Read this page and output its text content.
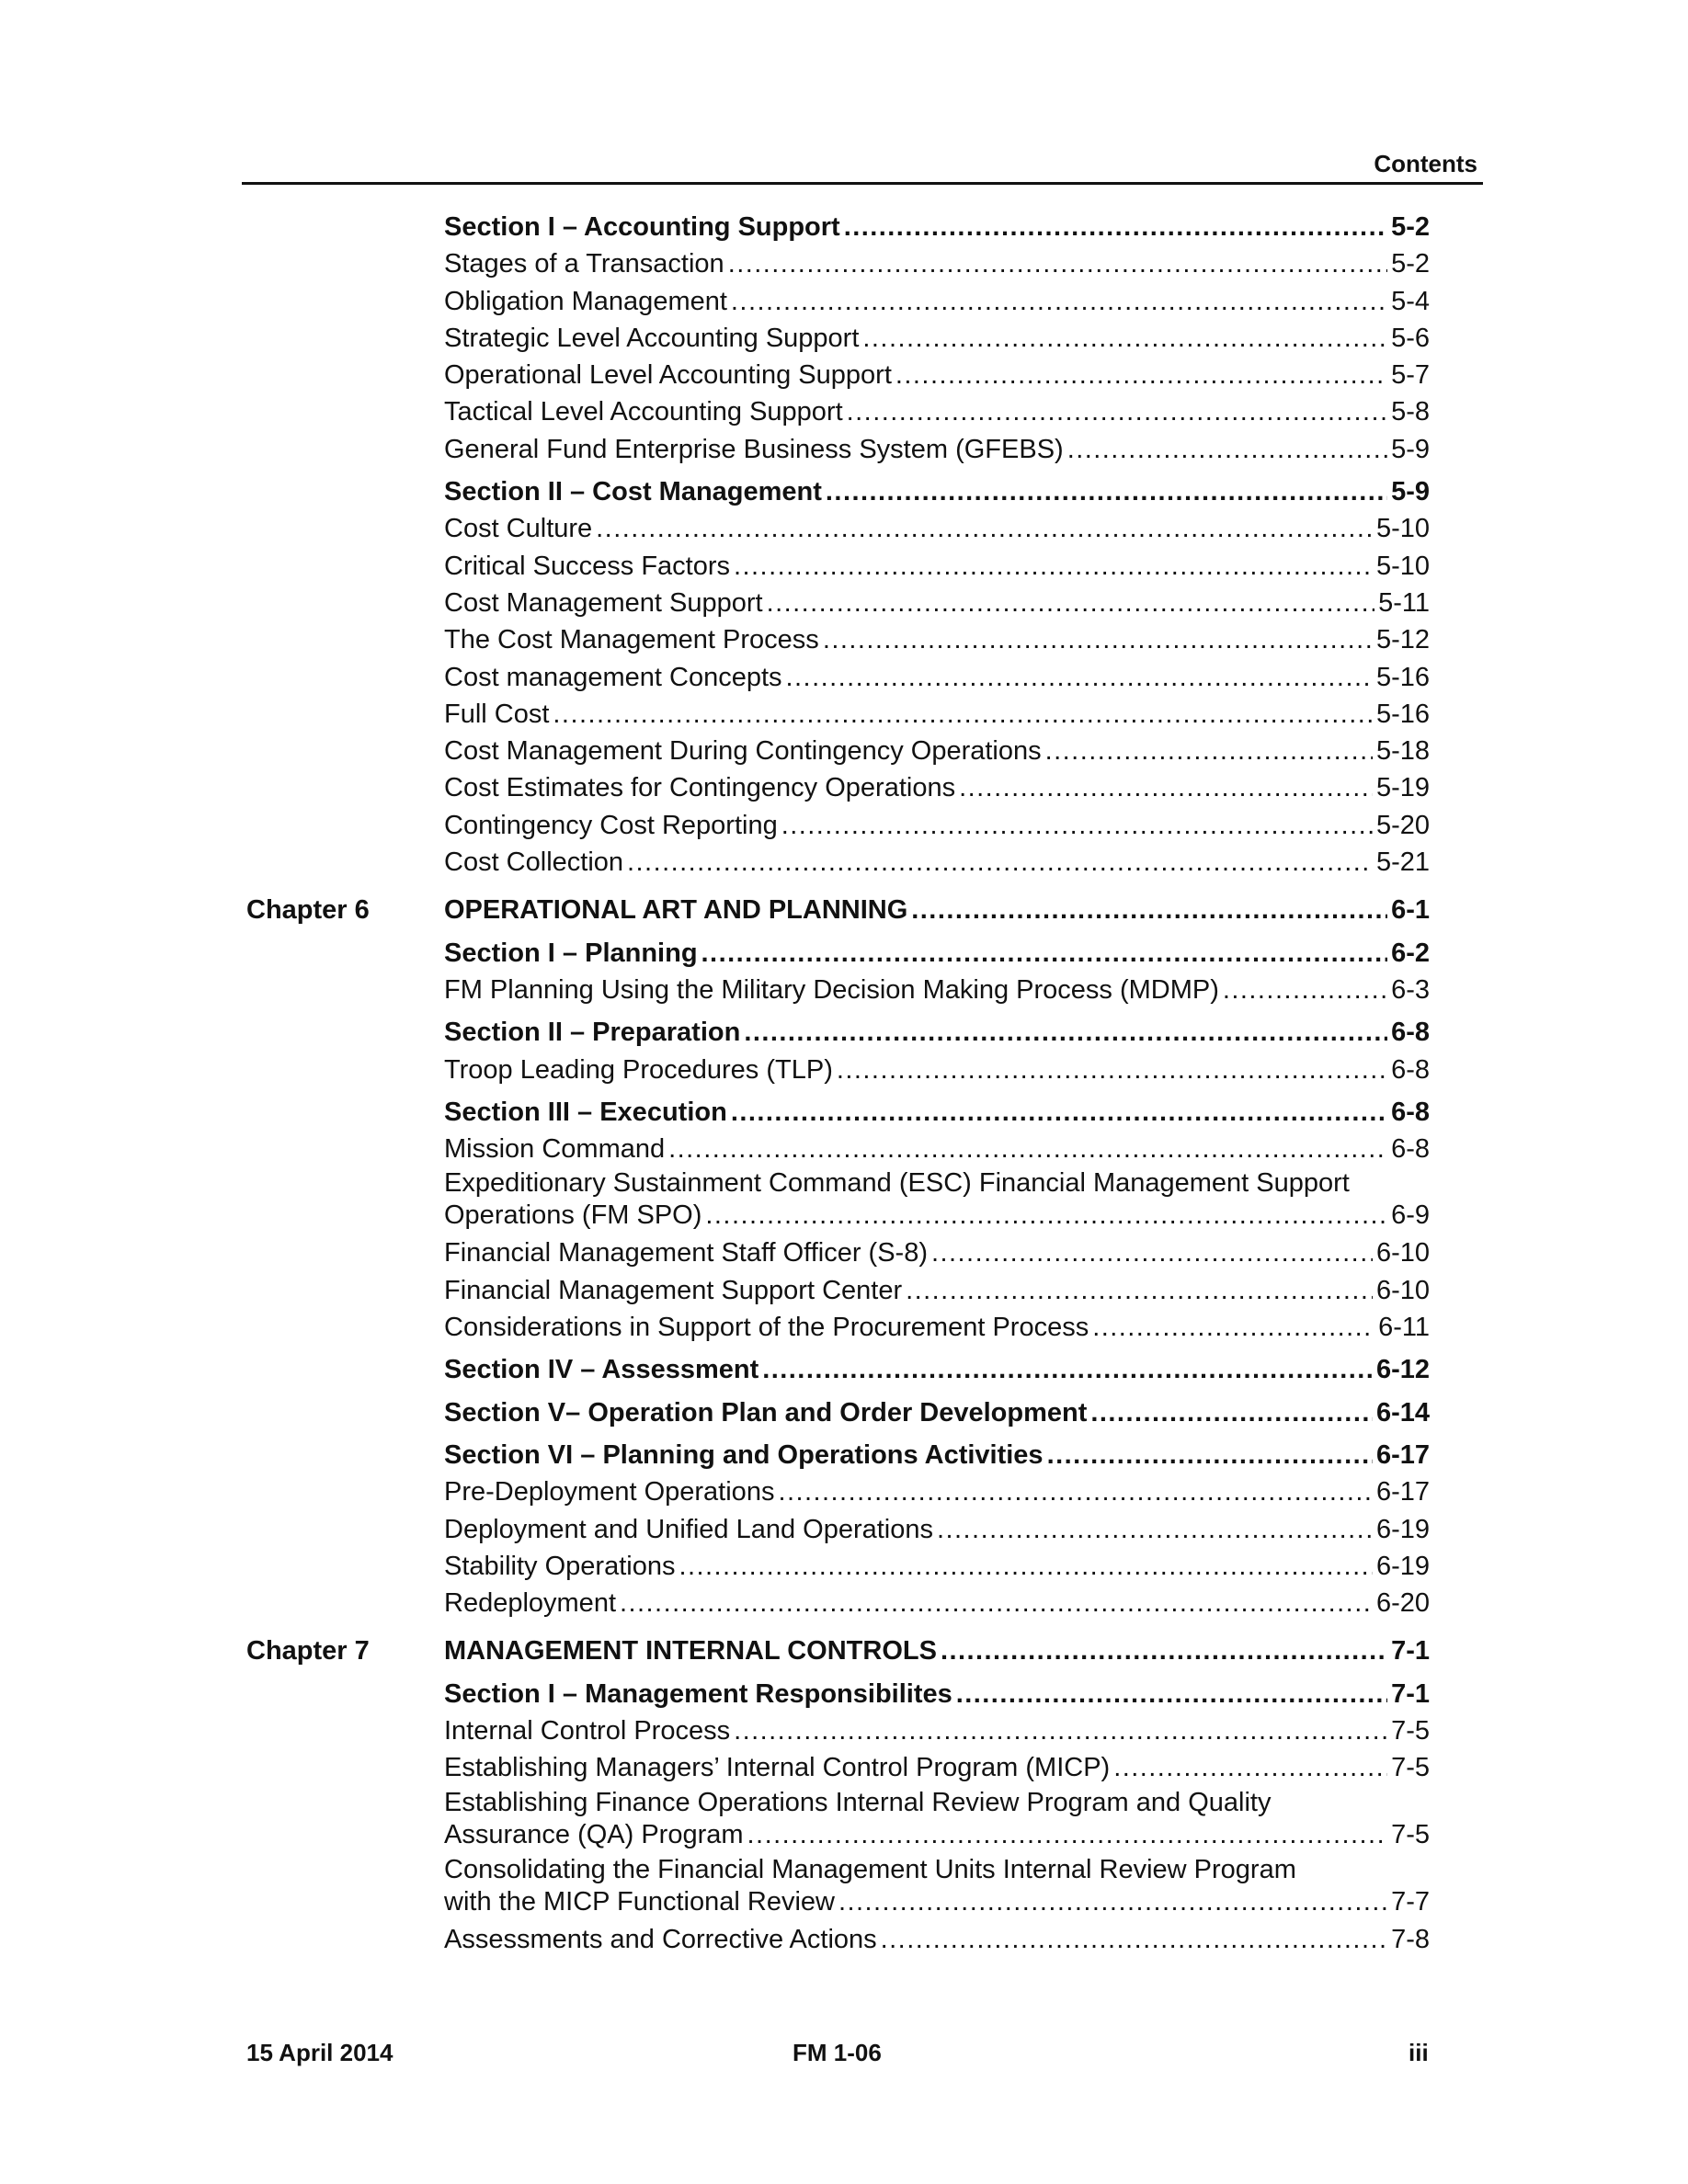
Contents
Section I – Accounting Support . . .	5-2
Stages of a Transaction . . .	5-2
Obligation Management . . .	5-4
Strategic Level Accounting Support . . .	5-6
Operational Level Accounting Support . . .	5-7
Tactical Level Accounting Support . . .	5-8
General Fund Enterprise Business System (GFEBS) . . .	5-9
Section II – Cost Management . . .	5-9
Cost Culture . . .	5-10
Critical Success Factors . . .	5-10
Cost Management Support . . .	5-11
The Cost Management Process . . .	5-12
Cost management Concepts . . .	5-16
Full Cost . . .	5-16
Cost Management During Contingency Operations . . .	5-18
Cost Estimates for Contingency Operations . . .	5-19
Contingency Cost Reporting . . .	5-20
Cost Collection . . .	5-21
Chapter 6	OPERATIONAL ART AND PLANNING . . .	6-1
Section I – Planning . . .	6-2
FM Planning Using the Military Decision Making Process (MDMP) . . .	6-3
Section II – Preparation . . .	6-8
Troop Leading Procedures (TLP) . . .	6-8
Section III – Execution . . .	6-8
Mission Command . . .	6-8
Expeditionary Sustainment Command (ESC) Financial Management Support
Operations (FM SPO) . . .	6-9
Financial Management Staff Officer (S-8) . . .	6-10
Financial Management Support Center . . .	6-10
Considerations in Support of the Procurement Process . . .	6-11
Section IV – Assessment . . .	6-12
Section V– Operation Plan and Order Development . . .	6-14
Section VI – Planning and Operations Activities . . .	6-17
Pre-Deployment Operations . . .	6-17
Deployment and Unified Land Operations . . .	6-19
Stability Operations . . .	6-19
Redeployment . . .	6-20
Chapter 7	MANAGEMENT INTERNAL CONTROLS . . .	7-1
Section I – Management Responsibilites . . .	7-1
Internal Control Process . . .	7-5
Establishing Managers’ Internal Control Program (MICP) . . .	7-5
Establishing Finance Operations Internal Review Program and Quality
Assurance (QA) Program . . .	7-5
Consolidating the Financial Management Units Internal Review Program
with the MICP Functional Review . . .	7-7
Assessments and Corrective Actions . . .	7-8
15 April 2014	FM 1-06	iii
